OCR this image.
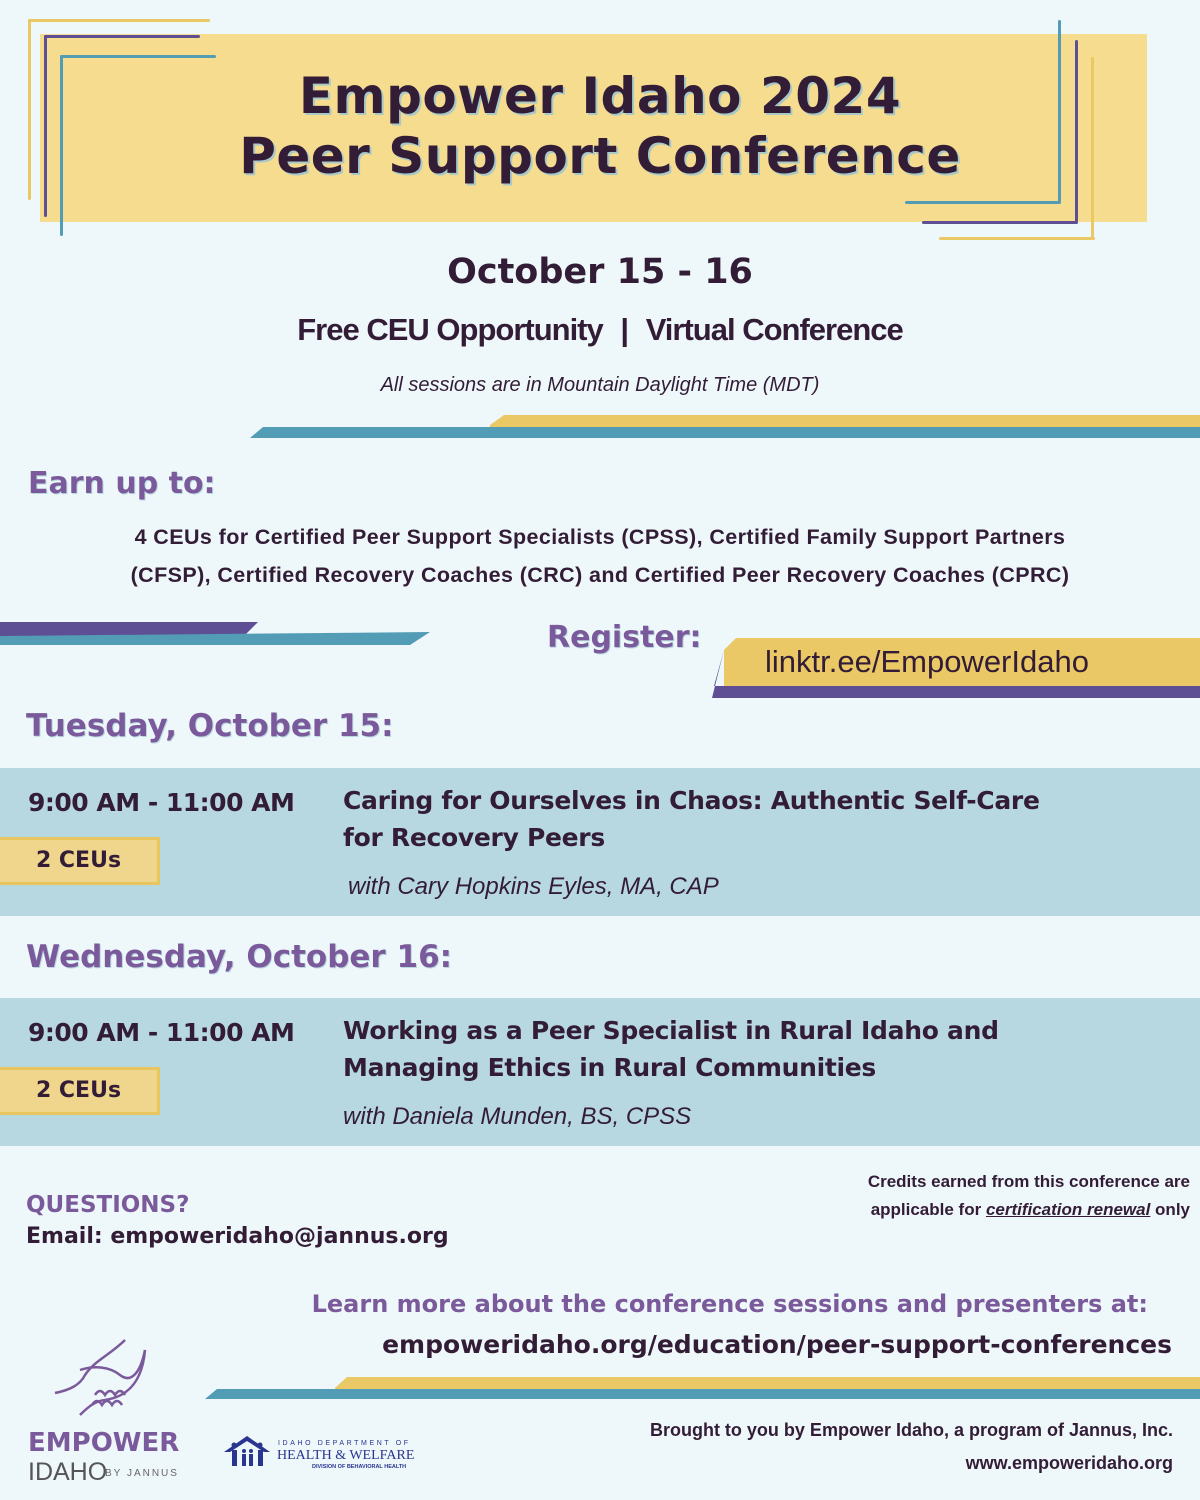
Empower Idaho 2024
Peer Support Conference
October 15 - 16
Free CEU Opportunity | Virtual Conference
All sessions are in Mountain Daylight Time (MDT)
Earn up to:
4 CEUs for Certified Peer Support Specialists (CPSS), Certified Family Support Partners
(CFSP), Certified Recovery Coaches (CRC) and Certified Peer Recovery Coaches (CPRC)
Register:
linktr.ee/EmpowerIdaho
Tuesday, October 15:
9:00 AM - 11:00 AM
2 CEUs
Caring for Ourselves in Chaos: Authentic Self-Care
for Recovery Peers
with Cary Hopkins Eyles, MA, CAP
Wednesday, October 16:
9:00 AM - 11:00 AM
2 CEUs
Working as a Peer Specialist in Rural Idaho and
Managing Ethics in Rural Communities
with Daniela Munden, BS, CPSS
Credits earned from this conference are
applicable for certification renewal only
QUESTIONS?
Email: empoweridaho@jannus.org
Learn more about the conference sessions and presenters at:
empoweridaho.org/education/peer-support-conferences
Brought to you by Empower Idaho, a program of Jannus, Inc.
www.empoweridaho.org
EMPOWER
IDAHO
BY JANNUS
IDAHO DEPARTMENT OF
HEALTH & WELFARE
DIVISION OF BEHAVIORAL HEALTH
